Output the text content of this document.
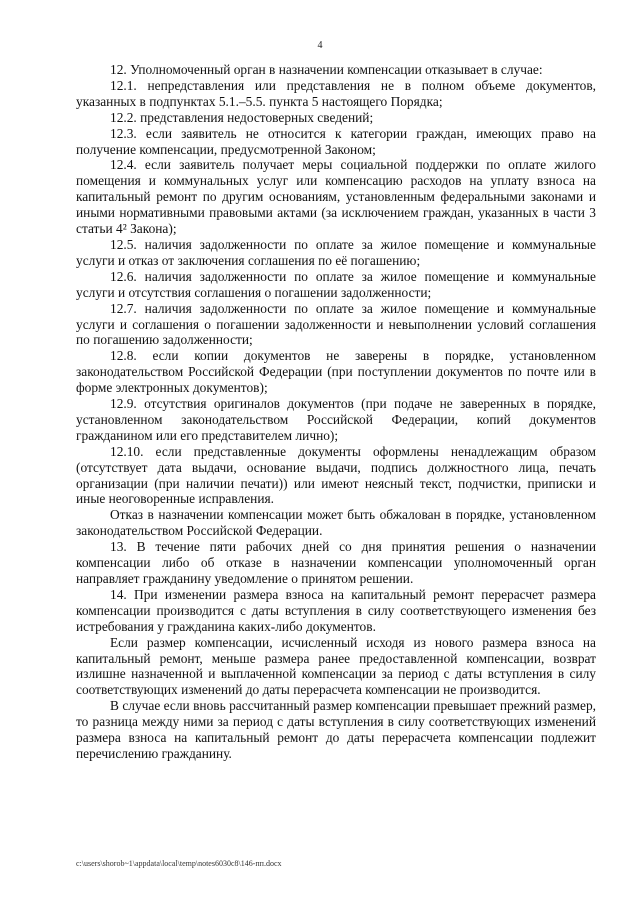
4

12. Уполномоченный орган в назначении компенсации отказывает в случае:

12.1. непредставления или представления не в полном объеме документов, указанных в подпунктах 5.1.–5.5. пункта 5 настоящего Порядка;

12.2. представления недостоверных сведений;

12.3. если заявитель не относится к категории граждан, имеющих право на получение компенсации, предусмотренной Законом;

12.4. если заявитель получает меры социальной поддержки по оплате жилого помещения и коммунальных услуг или компенсацию расходов на уплату взноса на капитальный ремонт по другим основаниям, установленным федеральными законами и иными нормативными правовыми актами (за исключением граждан, указанных в части 3 статьи 4² Закона);

12.5. наличия задолженности по оплате за жилое помещение и коммунальные услуги и отказ от заключения соглашения по её погашению;

12.6. наличия задолженности по оплате за жилое помещение и коммунальные услуги и отсутствия соглашения о погашении задолженности;

12.7. наличия задолженности по оплате за жилое помещение и коммунальные услуги и соглашения о погашении задолженности и невыполнении условий соглашения по погашению задолженности;

12.8. если копии документов не заверены в порядке, установленном законодательством Российской Федерации (при поступлении документов по почте или в форме электронных документов);

12.9. отсутствия оригиналов документов (при подаче не заверенных в порядке, установленном законодательством Российской Федерации, копий документов гражданином или его представителем лично);

12.10. если представленные документы оформлены ненадлежащим образом (отсутствует дата выдачи, основание выдачи, подпись должностного лица, печать организации (при наличии печати)) или имеют неясный текст, подчистки, приписки и иные неоговоренные исправления.

Отказ в назначении компенсации может быть обжалован в порядке, установленном законодательством Российской Федерации.

13. В течение пяти рабочих дней со дня принятия решения о назначении компенсации либо об отказе в назначении компенсации уполномоченный орган направляет гражданину уведомление о принятом решении.

14. При изменении размера взноса на капитальный ремонт перерасчет размера компенсации производится с даты вступления в силу соответствующего изменения без истребования у гражданина каких-либо документов.

Если размер компенсации, исчисленный исходя из нового размера взноса на капитальный ремонт, меньше размера ранее предоставленной компенсации, возврат излишне назначенной и выплаченной компенсации за период с даты вступления в силу соответствующих изменений до даты перерасчета компенсации не производится.

В случае если вновь рассчитанный размер компенсации превышает прежний размер, то разница между ними за период с даты вступления в силу соответствующих изменений размера взноса на капитальный ремонт до даты перерасчета компенсации подлежит перечислению гражданину.

c:\users\shorob~1\appdata\local\temp\notes6030c8\146-пп.docx
